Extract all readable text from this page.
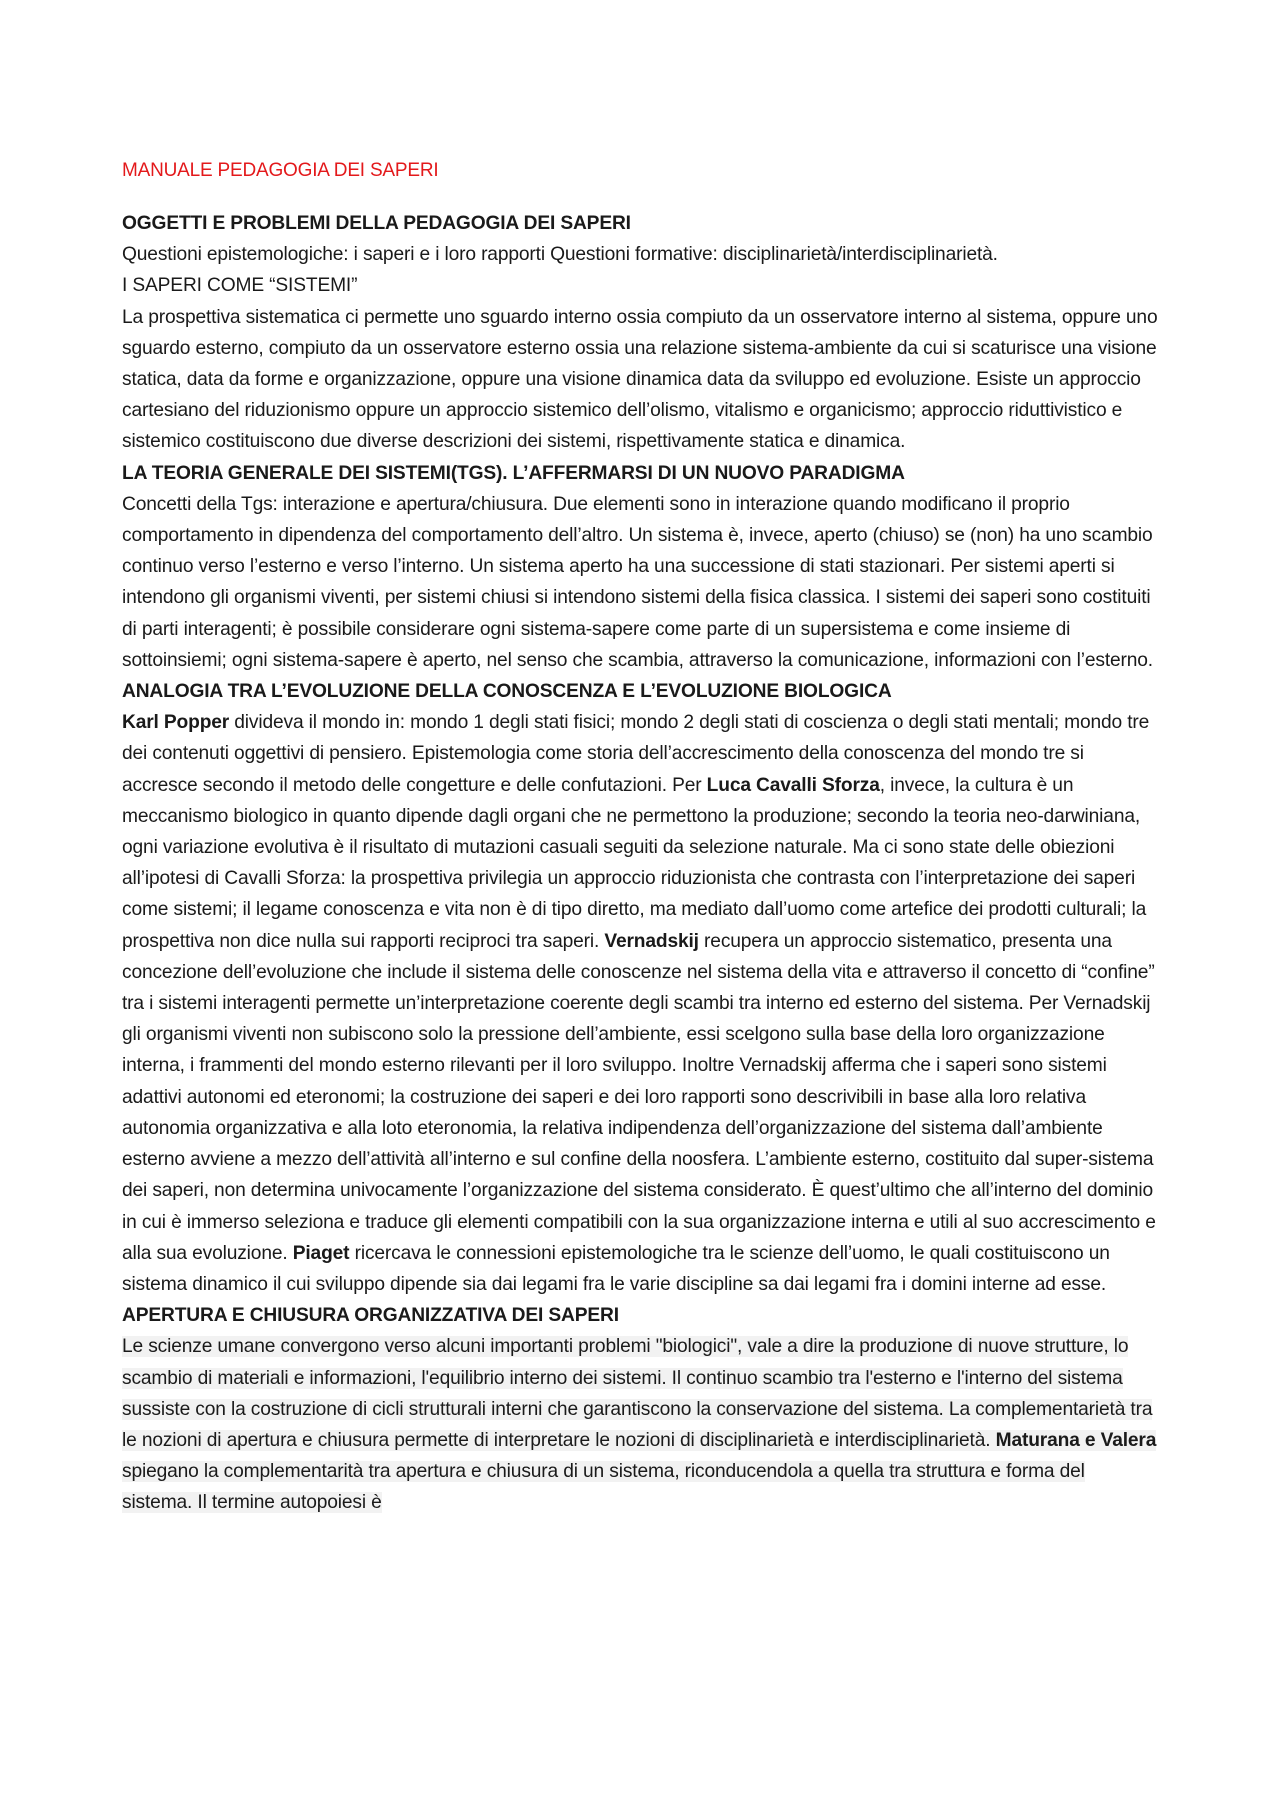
MANUALE PEDAGOGIA DEI SAPERI

OGGETTI E PROBLEMI DELLA PEDAGOGIA DEI SAPERI

Questioni epistemologiche: i saperi e i loro rapporti Questioni formative: disciplinarietà/interdisciplinarietà.

I SAPERI COME “SISTEMI”

La prospettiva sistematica ci permette uno sguardo interno ossia compiuto da un osservatore interno al sistema, oppure uno sguardo esterno, compiuto da un osservatore esterno ossia una relazione sistema-ambiente da cui si scaturisce una visione statica, data da forme e organizzazione, oppure una visione dinamica data da sviluppo ed evoluzione. Esiste un approccio cartesiano del riduzionismo oppure un approccio sistemico dell’olismo, vitalismo e organicismo; approccio riduttivistico e sistemico costituiscono due diverse descrizioni dei sistemi, rispettivamente statica e dinamica.

LA TEORIA GENERALE DEI SISTEMI(TGS). L’AFFERMARSI DI UN NUOVO PARADIGMA

Concetti della Tgs: interazione e apertura/chiusura. Due elementi sono in interazione quando modificano il proprio comportamento in dipendenza del comportamento dell’altro. Un sistema è, invece, aperto (chiuso) se (non) ha uno scambio continuo verso l’esterno e verso l’interno. Un sistema aperto ha una successione di stati stazionari. Per sistemi aperti si intendono gli organismi viventi, per sistemi chiusi si intendono sistemi della fisica classica. I sistemi dei saperi sono costituiti di parti interagenti; è possibile considerare ogni sistema-sapere come parte di un supersistema e come insieme di sottoinsiemi; ogni sistema-sapere è aperto, nel senso che scambia, attraverso la comunicazione, informazioni con l’esterno.

ANALOGIA TRA L’EVOLUZIONE DELLA CONOSCENZA E L’EVOLUZIONE BIOLOGICA

Karl Popper divideva il mondo in: mondo 1 degli stati fisici; mondo 2 degli stati di coscienza o degli stati mentali; mondo tre dei contenuti oggettivi di pensiero. Epistemologia come storia dell’accrescimento della conoscenza del mondo tre si accresce secondo il metodo delle congetture e delle confutazioni. Per Luca Cavalli Sforza, invece, la cultura è un meccanismo biologico in quanto dipende dagli organi che ne permettono la produzione; secondo la teoria neo-darwiniana, ogni variazione evolutiva è il risultato di mutazioni casuali seguiti da selezione naturale. Ma ci sono state delle obiezioni all’ipotesi di Cavalli Sforza: la prospettiva privilegia un approccio riduzionista che contrasta con l’interpretazione dei saperi come sistemi; il legame conoscenza e vita non è di tipo diretto, ma mediato dall’uomo come artefice dei prodotti culturali; la prospettiva non dice nulla sui rapporti reciproci tra saperi. Vernadskij recupera un approccio sistematico, presenta una concezione dell’evoluzione che include il sistema delle conoscenze nel sistema della vita e attraverso il concetto di “confine” tra i sistemi interagenti permette un’interpretazione coerente degli scambi tra interno ed esterno del sistema. Per Vernadskij gli organismi viventi non subiscono solo la pressione dell’ambiente, essi scelgono sulla base della loro organizzazione interna, i frammenti del mondo esterno rilevanti per il loro sviluppo. Inoltre Vernadskij afferma che i saperi sono sistemi adattivi autonomi ed eteronomi; la costruzione dei saperi e dei loro rapporti sono descrivibili in base alla loro relativa autonomia organizzativa e alla loto eteronomia, la relativa indipendenza dell’organizzazione del sistema dall’ambiente esterno avviene a mezzo dell’attività all’interno e sul confine della noosfera. L’ambiente esterno, costituito dal super-sistema dei saperi, non determina univocamente l’organizzazione del sistema considerato. È quest’ultimo che all’interno del dominio in cui è immerso seleziona e traduce gli elementi compatibili con la sua organizzazione interna e utili al suo accrescimento e alla sua evoluzione. Piaget ricercava le connessioni epistemologiche tra le scienze dell’uomo, le quali costituiscono un sistema dinamico il cui sviluppo dipende sia dai legami fra le varie discipline sa dai legami fra i domini interne ad esse.

APERTURA E CHIUSURA ORGANIZZATIVA DEI SAPERI

Le scienze umane convergono verso alcuni importanti problemi "biologici", vale a dire la produzione di nuove strutture, lo scambio di materiali e informazioni, l'equilibrio interno dei sistemi. Il continuo scambio tra l'esterno e l'interno del sistema sussiste con la costruzione di cicli strutturali interni che garantiscono la conservazione del sistema. La complementarietà tra le nozioni di apertura e chiusura permette di interpretare le nozioni di disciplinarietà e interdisciplinarietà. Maturana e Valera spiegano la complementarità tra apertura e chiusura di un sistema, riconducendola a quella tra struttura e forma del sistema. Il termine autopoiesi è
